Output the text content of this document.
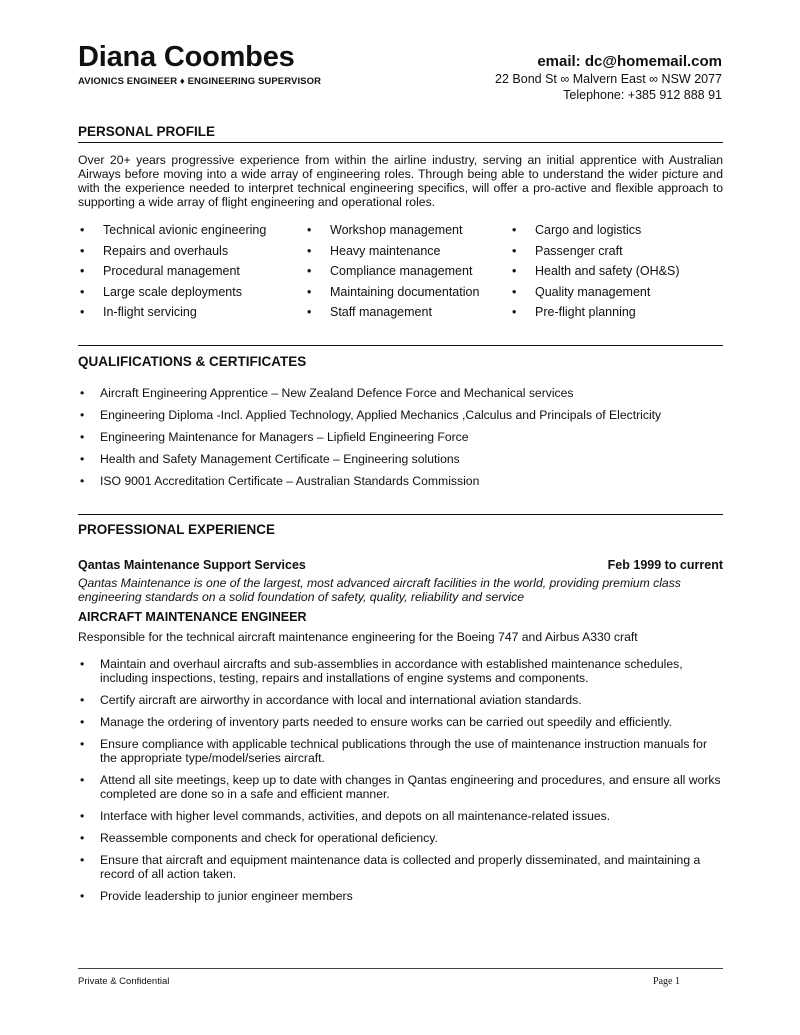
Diana Coombes
AVIONICS ENGINEER ♦ ENGINEERING SUPERVISOR
email: dc@homemail.com
22 Bond St ∞ Malvern East ∞ NSW 2077
Telephone: +385 912 888 91
PERSONAL PROFILE

Over 20+ years progressive experience from within the airline industry, serving an initial apprentice with Australian Airways before moving into a wide array of engineering roles. Through being able to understand the wider picture and with the experience needed to interpret technical engineering specifics, will offer a pro-active and flexible approach to supporting a wide array of flight engineering and operational roles.

• Technical avionic engineering
• Repairs and overhauls
• Procedural management
• Large scale deployments
• In-flight servicing
• Workshop management
• Heavy maintenance
• Compliance management
• Maintaining documentation
• Staff management
• Cargo and logistics
• Passenger craft
• Health and safety (OH&S)
• Quality management
• Pre-flight planning
QUALIFICATIONS & CERTIFICATES
• Aircraft Engineering Apprentice – New Zealand Defence Force and Mechanical services
• Engineering Diploma -Incl. Applied Technology, Applied Mechanics ,Calculus and Principals of Electricity
• Engineering Maintenance for Managers – Lipfield Engineering Force
• Health and Safety Management Certificate – Engineering solutions
• ISO 9001 Accreditation Certificate – Australian Standards Commission
PROFESSIONAL EXPERIENCE
Qantas Maintenance Support Services	Feb 1999 to current

Qantas Maintenance is one of the largest, most advanced aircraft facilities in the world, providing premium class engineering standards on a solid foundation of safety, quality, reliability and service

AIRCRAFT MAINTENANCE ENGINEER
Responsible for the technical aircraft maintenance engineering for the Boeing 747 and Airbus A330 craft
• Maintain and overhaul aircrafts and sub-assemblies in accordance with established maintenance schedules, including inspections, testing, repairs and installations of engine systems and components.
• Certify aircraft are airworthy in accordance with local and international aviation standards.
• Manage the ordering of inventory parts needed to ensure works can be carried out speedily and efficiently.
• Ensure compliance with applicable technical publications through the use of maintenance instruction manuals for the appropriate type/model/series aircraft.
• Attend all site meetings, keep up to date with changes in Qantas engineering and procedures, and ensure all works completed are done so in a safe and efficient manner.
• Interface with higher level commands, activities, and depots on all maintenance-related issues.
• Reassemble components and check for operational deficiency.
• Ensure that aircraft and equipment maintenance data is collected and properly disseminated, and maintaining a record of all action taken.
• Provide leadership to junior engineer members
Private & Confidential	Page 1
